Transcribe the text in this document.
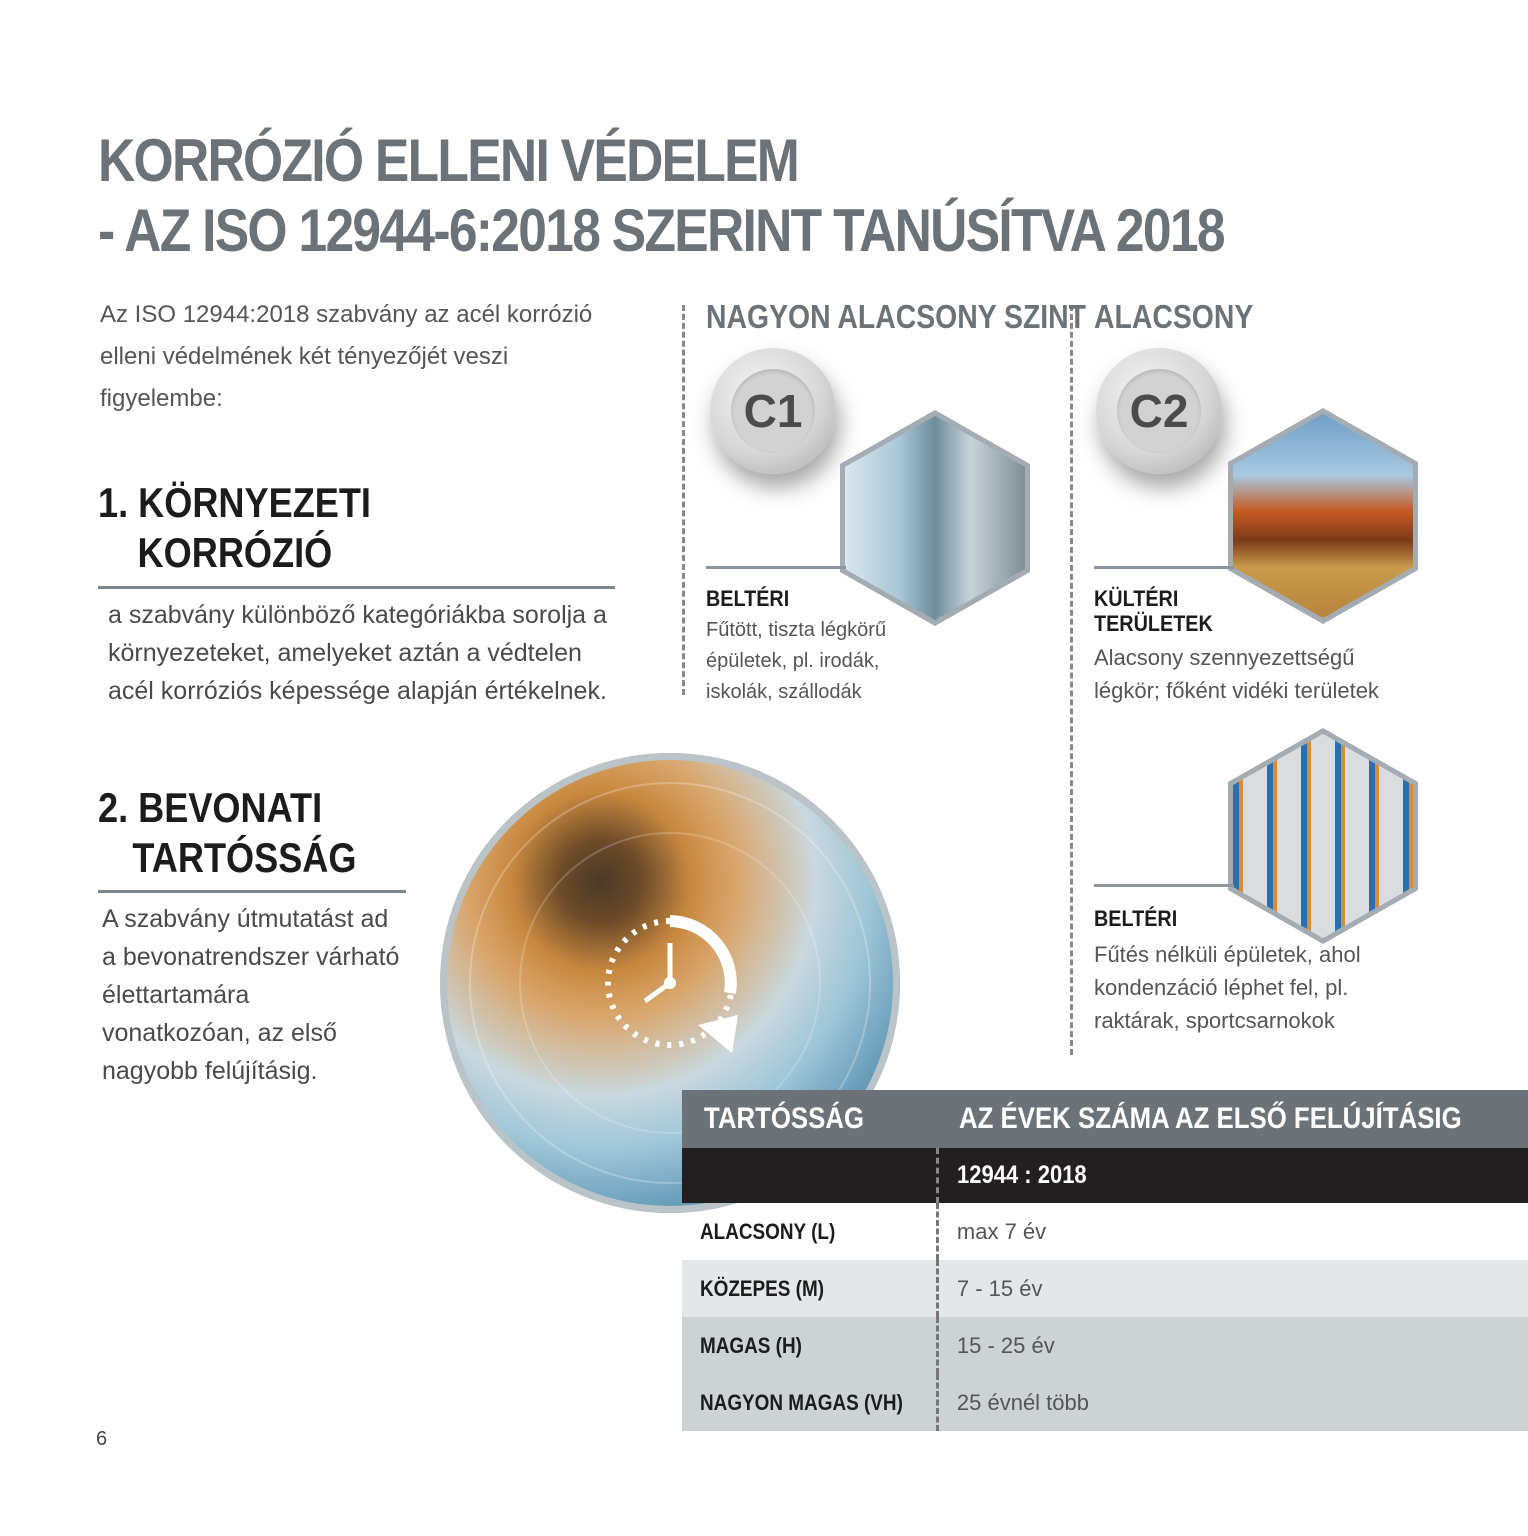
KORRÓZIÓ ELLENI VÉDELEM
- AZ ISO 12944-6:2018 SZERINT TANÚSÍTVA 2018
Az ISO 12944:2018 szabvány az acél korrózió elleni védelmének két tényezőjét veszi figyelembe:
1. KÖRNYEZETI
KORRÓZIÓ
a szabvány különböző kategóriákba sorolja a környezeteket, amelyeket aztán a védtelen acél korróziós képessége alapján értékelnek.
2. BEVONATI
TARTÓSSÁG
A szabvány útmutatást ad a bevonatrendszer várható élettartamára vonatkozóan, az első nagyobb felújításig.
NAGYON ALACSONY SZINT
C1
BELTÉRI
Fűtött, tiszta légkörű épületek, pl. irodák, iskolák, szállodák
ALACSONY
C2
KÜLTÉRI
TERÜLETEK
Alacsony szennyezettségű légkör; főként vidéki területek
BELTÉRI
Fűtés nélküli épületek, ahol kondenzáció léphet fel, pl. raktárak, sportcsarnokok
TARTÓSSÁG	AZ ÉVEK SZÁMA AZ ELSŐ FELÚJÍTÁSIG
	12944 : 2018
ALACSONY (L)	max 7 év
KÖZEPES (M)	7 - 15 év
MAGAS (H)	15 - 25 év
NAGYON MAGAS (VH)	25 évnél több
6
